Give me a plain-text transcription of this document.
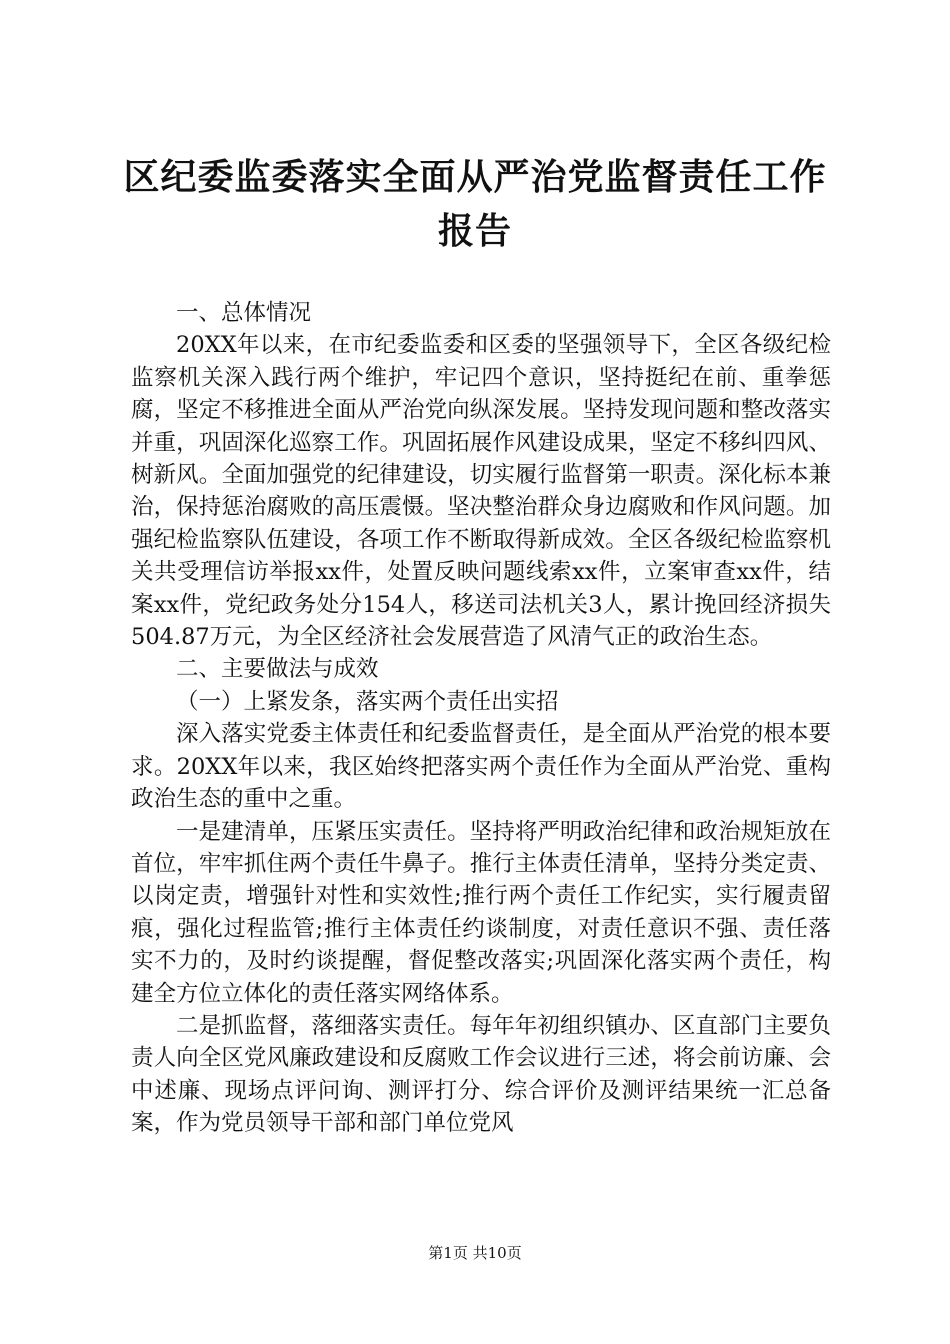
区纪委监委落实全面从严治党监督责任工作报告

一、总体情况

20XX年以来，在市纪委监委和区委的坚强领导下，全区各级纪检监察机关深入践行两个维护，牢记四个意识，坚持挺纪在前、重拳惩腐，坚定不移推进全面从严治党向纵深发展。坚持发现问题和整改落实并重，巩固深化巡察工作。巩固拓展作风建设成果，坚定不移纠四风、树新风。全面加强党的纪律建设，切实履行监督第一职责。深化标本兼治，保持惩治腐败的高压震慑。坚决整治群众身边腐败和作风问题。加强纪检监察队伍建设，各项工作不断取得新成效。全区各级纪检监察机关共受理信访举报xx件，处置反映问题线索xx件，立案审查xx件，结案xx件，党纪政务处分154人，移送司法机关3人，累计挽回经济损失504.87万元，为全区经济社会发展营造了风清气正的政治生态。

二、主要做法与成效

（一）上紧发条，落实两个责任出实招

深入落实党委主体责任和纪委监督责任，是全面从严治党的根本要求。20XX年以来，我区始终把落实两个责任作为全面从严治党、重构政治生态的重中之重。

一是建清单，压紧压实责任。坚持将严明政治纪律和政治规矩放在首位，牢牢抓住两个责任牛鼻子。推行主体责任清单，坚持分类定责、以岗定责，增强针对性和实效性;推行两个责任工作纪实，实行履责留痕，强化过程监管;推行主体责任约谈制度，对责任意识不强、责任落实不力的，及时约谈提醒，督促整改落实;巩固深化落实两个责任，构建全方位立体化的责任落实网络体系。

二是抓监督，落细落实责任。每年年初组织镇办、区直部门主要负责人向全区党风廉政建设和反腐败工作会议进行三述，将会前访廉、会中述廉、现场点评问询、测评打分、综合评价及测评结果统一汇总备案，作为党员领导干部和部门单位党风

第1页 共10页
